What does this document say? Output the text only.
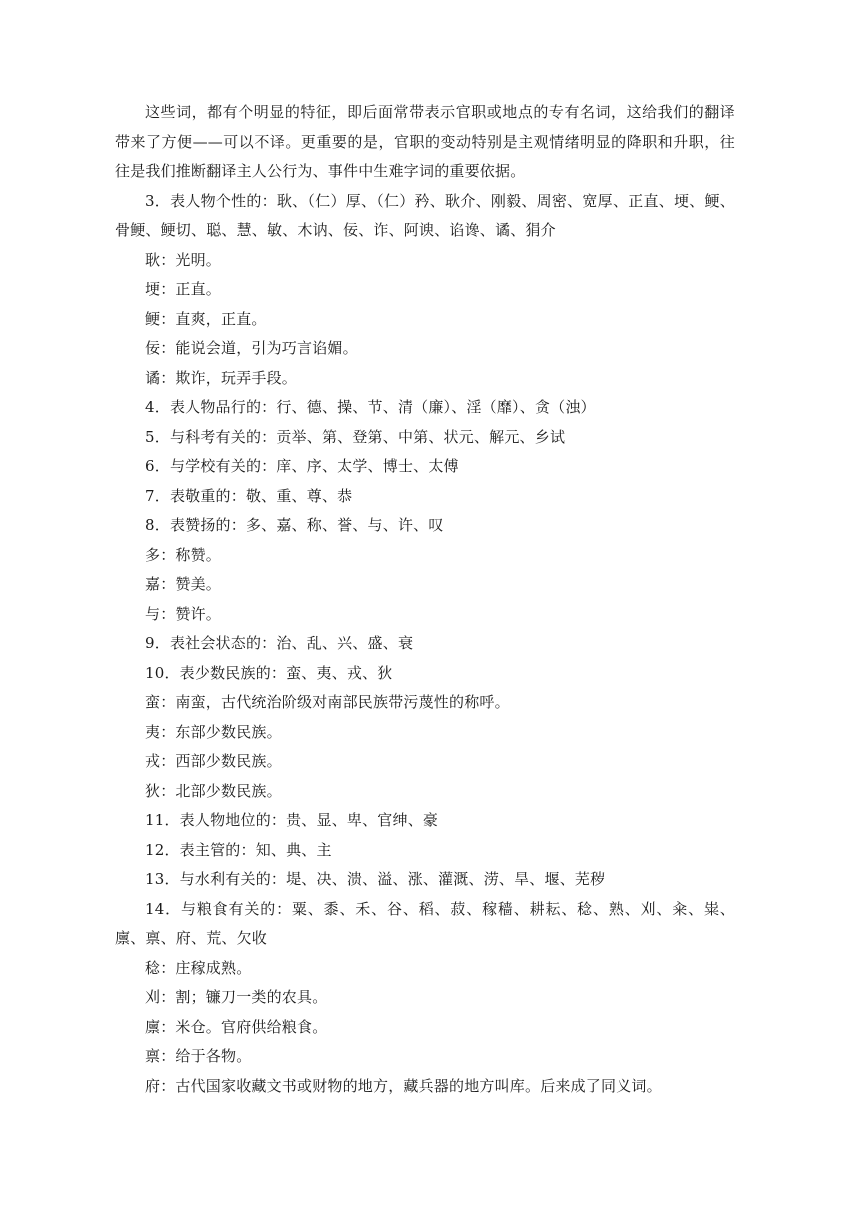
这些词，都有个明显的特征，即后面常带表示官职或地点的专有名词，这给我们的翻译带来了方便——可以不译。更重要的是，官职的变动特别是主观情绪明显的降职和升职，往往是我们推断翻译主人公行为、事件中生难字词的重要依据。

3．表人物个性的：耿、（仁）厚、（仁）矜、耿介、刚毅、周密、宽厚、正直、埂、鲠、骨鲠、鲠切、聪、慧、敏、木讷、佞、诈、阿谀、谄谗、谲、狷介

耿：光明。

埂：正直。

鲠：直爽，正直。

佞：能说会道，引为巧言谄媚。

谲：欺诈，玩弄手段。

4．表人物品行的：行、德、操、节、清（廉）、淫（靡）、贪（浊）

5．与科考有关的：贡举、第、登第、中第、状元、解元、乡试

6．与学校有关的：庠、序、太学、博士、太傅

7．表敬重的：敬、重、尊、恭

8．表赞扬的：多、嘉、称、誉、与、许、叹

多：称赞。

嘉：赞美。

与：赞许。

9．表社会状态的：治、乱、兴、盛、衰

10．表少数民族的：蛮、夷、戎、狄

蛮：南蛮，古代统治阶级对南部民族带污蔑性的称呼。

夷：东部少数民族。

戎：西部少数民族。

狄：北部少数民族。

11．表人物地位的：贵、显、卑、官绅、豪

12．表主管的：知、典、主

13．与水利有关的：堤、决、溃、溢、涨、灌溉、涝、旱、堰、芜秽

14．与粮食有关的：粟、黍、禾、谷、稻、菽、稼穑、耕耘、稔、熟、刈、籴、粜、廪、禀、府、荒、欠收

稔：庄稼成熟。

刈：割；镰刀一类的农具。

廪：米仓。官府供给粮食。

禀：给于各物。

府：古代国家收藏文书或财物的地方，藏兵器的地方叫库。后来成了同义词。
